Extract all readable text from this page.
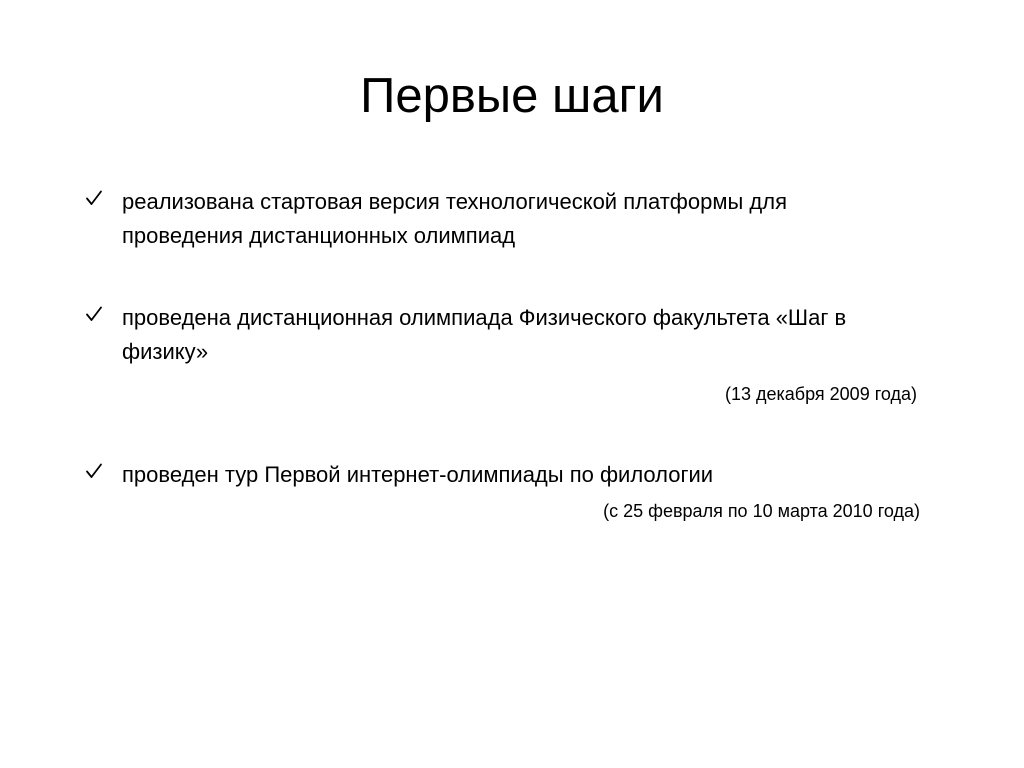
Первые шаги
реализована стартовая версия технологической платформы для проведения дистанционных олимпиад
проведена дистанционная олимпиада Физического факультета «Шаг в физику»
(13 декабря 2009 года)
проведен тур Первой интернет-олимпиады по филологии
(с 25 февраля по 10 марта 2010 года)
